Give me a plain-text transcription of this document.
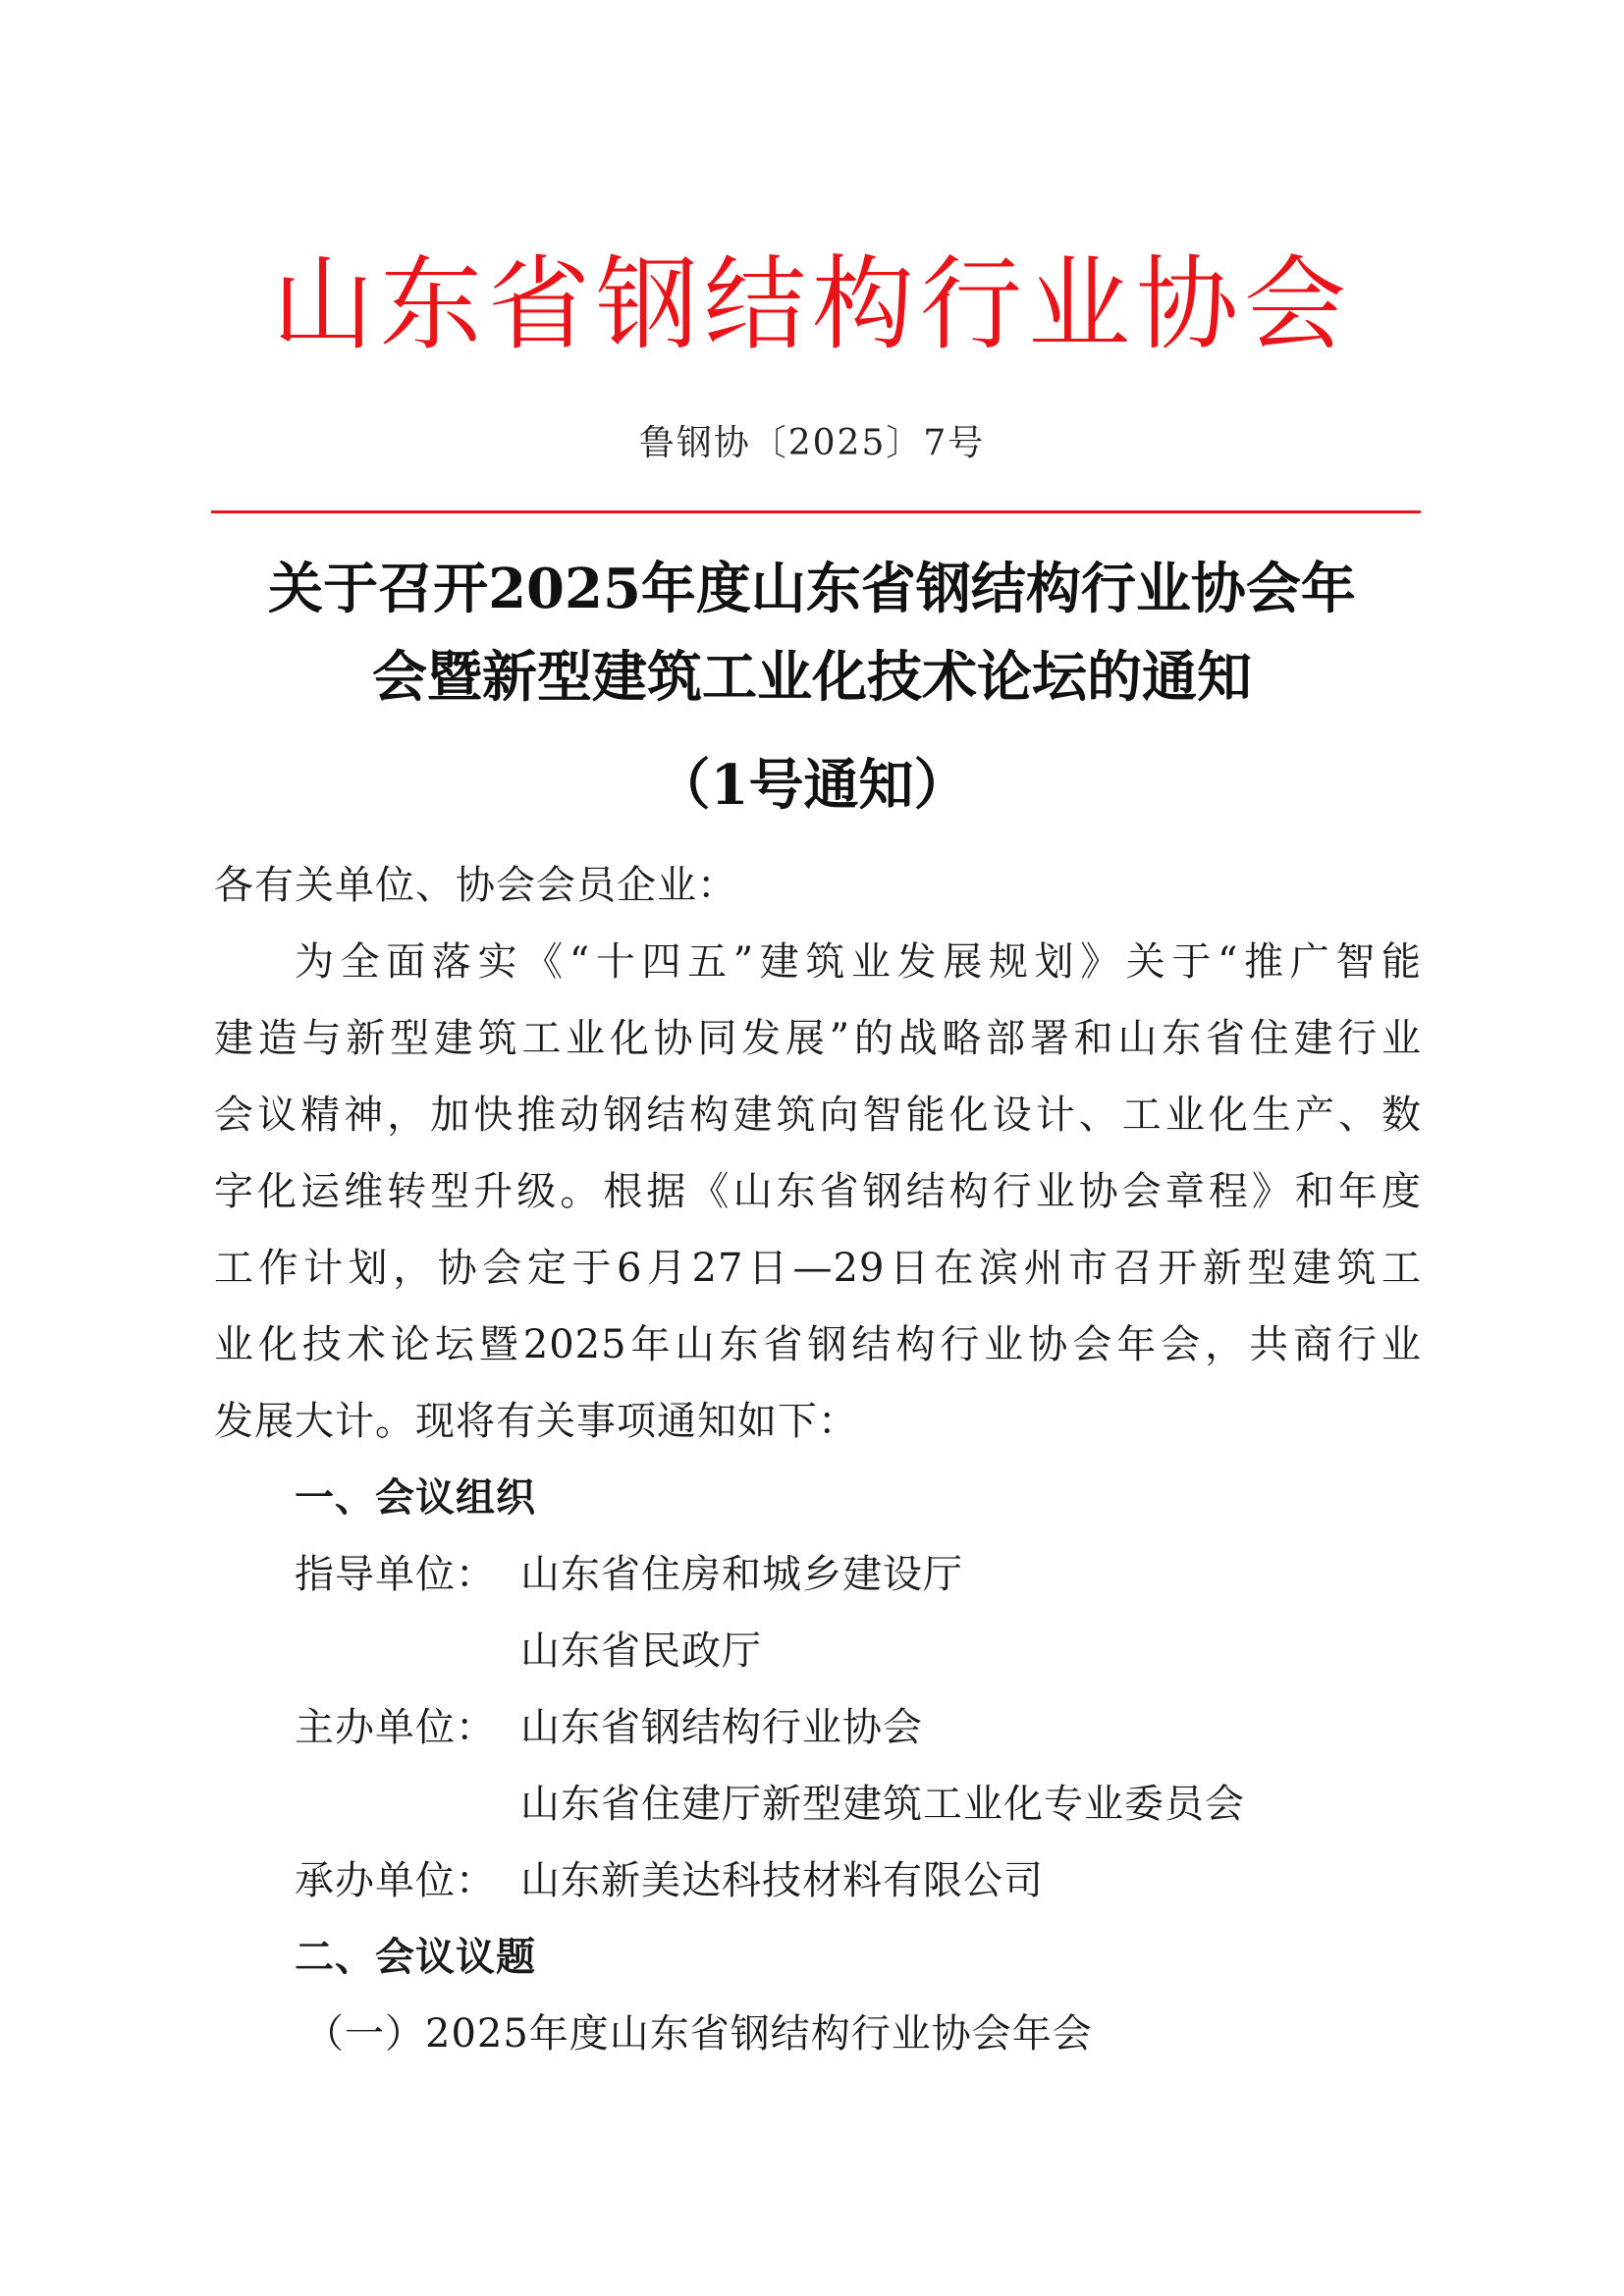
山东省钢结构行业协会
鲁钢协〔2025〕7号
关于召开2025年度山东省钢结构行业协会年
会暨新型建筑工业化技术论坛的通知
（1号通知）
各有关单位、协会会员企业：
为全面落实《“十四五”建筑业发展规划》关于“推广智能
建造与新型建筑工业化协同发展”的战略部署和山东省住建行业
会议精神，加快推动钢结构建筑向智能化设计、工业化生产、数
字化运维转型升级。根据《山东省钢结构行业协会章程》和年度
工作计划，协会定于6月27日—29日在滨州市召开新型建筑工
业化技术论坛暨2025年山东省钢结构行业协会年会，共商行业
发展大计。现将有关事项通知如下：
一、会议组织
指导单位： 山东省住房和城乡建设厅
山东省民政厅
主办单位： 山东省钢结构行业协会
山东省住建厅新型建筑工业化专业委员会
承办单位： 山东新美达科技材料有限公司
二、会议议题
（一）2025年度山东省钢结构行业协会年会
